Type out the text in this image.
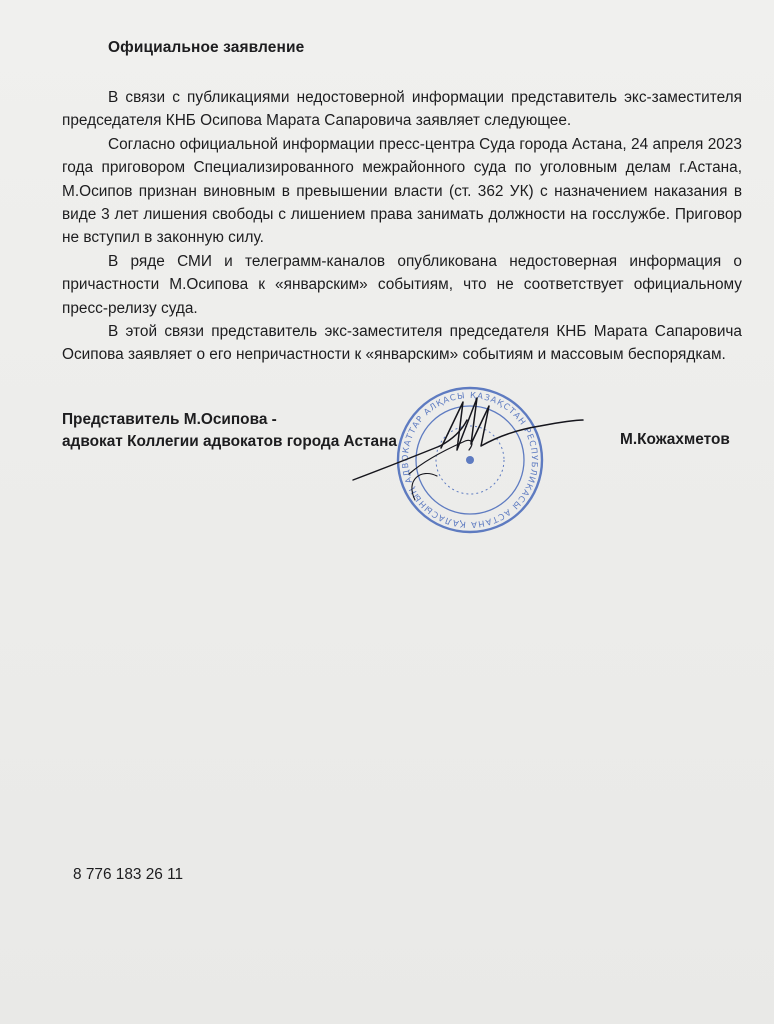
Официальное заявление

В связи с публикациями недостоверной информации представитель экс-заместителя председателя КНБ Осипова Марата Сапаровича заявляет следующее.

Согласно официальной информации пресс-центра Суда города Астана, 24 апреля 2023 года приговором Специализированного межрайонного суда по уголовным делам г.Астана, М.Осипов признан виновным в превышении власти (ст. 362 УК) с назначением наказания в виде 3 лет лишения свободы с лишением права занимать должности на госслужбе. Приговор не вступил в законную силу.

В ряде СМИ и телеграмм-каналов опубликована недостоверная информация о причастности М.Осипова к «январским» событиям, что не соответствует официальному пресс-релизу суда.

В этой связи представитель экс-заместителя председателя КНБ Марата Сапаровича Осипова заявляет о его непричастности к «январским» событиям и массовым беспорядкам.

Представитель М.Осипова -
адвокат Коллегии адвокатов города Астана
ҚАЗАҚСТАН РЕСПУБЛИКАСЫ АСТАНА ҚАЛАСЫНЫҢ АДВОКАТТАР АЛҚАСЫ
М.Кожахметов
8 776 183 26 11
